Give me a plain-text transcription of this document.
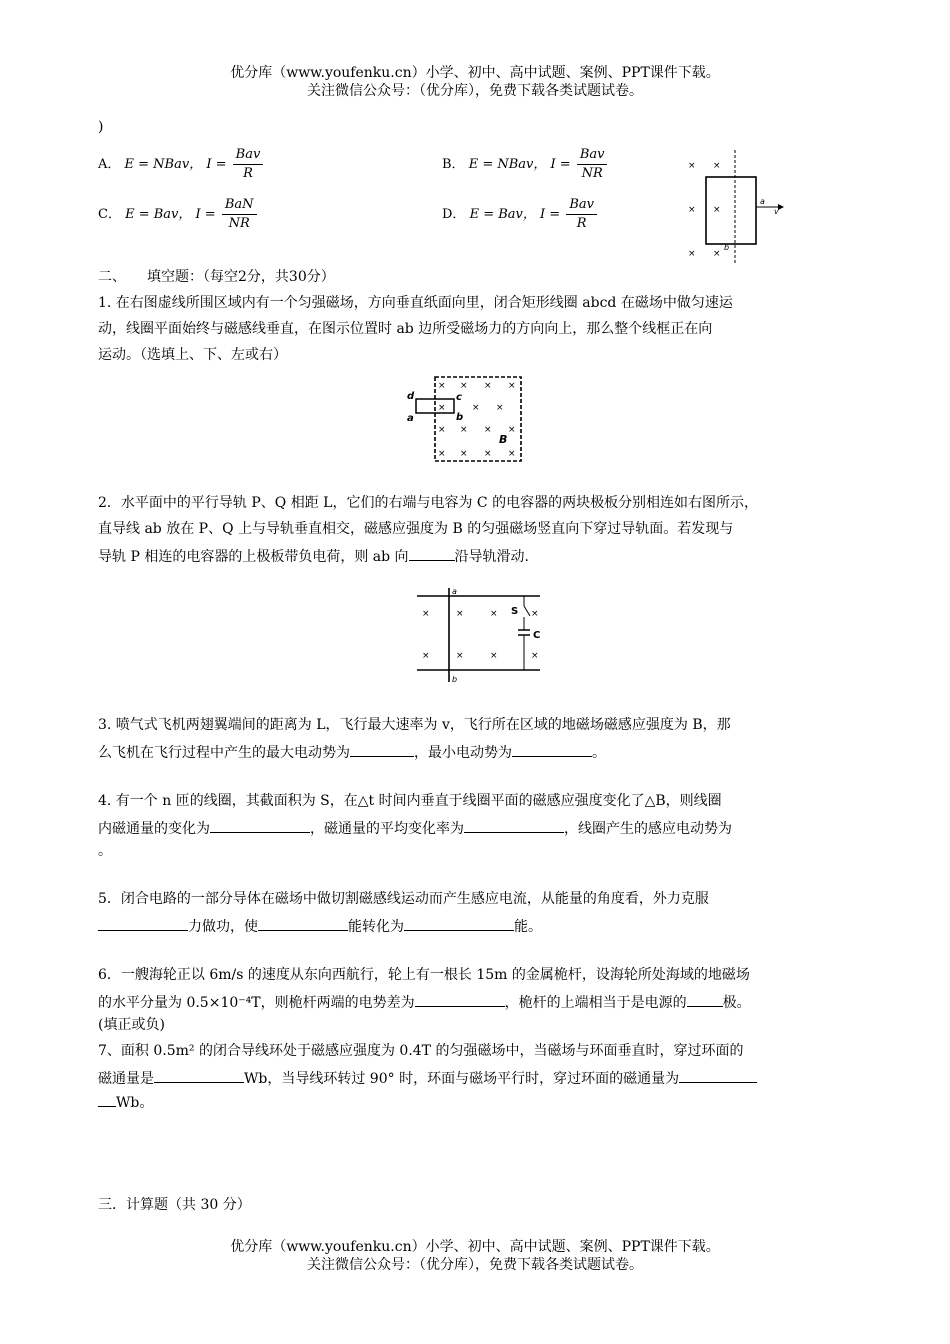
优分库（www.youfenku.cn）小学、初中、高中试题、案例、PPT课件下载。
关注微信公众号：（优分库），免费下载各类试题试卷。
)
A． E = NBav， $I = \frac{\text{Bav}}{R}$	B． E = NBav， $I = \frac{\text{Bav}}{NR}$
C． E = Bav， $I = \frac{\text{BaN}}{NR}$	D． E = Bav， $I = \frac{\text{Bav}}{R}$
× ×
× ×
× ×
a
v
b
二、　　填空题：（每空2分，共30分）
1. 在右图虚线所围区域内有一个匀强磁场，方向垂直纸面向里，闭合矩形线圈 abcd 在磁场中做匀速运
动，线圈平面始终与磁感线垂直，在图示位置时 ab 边所受磁场力的方向向上，那么整个线框正在向
运动。（选填上、下、左或右）
× × × ×
×	× ×
× × × ×
× × × ×
d
a
c
b
B
2．水平面中的平行导轨 P、Q 相距 L，它们的右端与电容为 C 的电容器的两块极板分别相连如右图所示，
直导线 ab 放在 P、Q 上与导轨垂直相交，磁感应强度为 B 的匀强磁场竖直向下穿过导轨面。若发现与
导轨 P 相连的电容器的上极板带负电荷，则 ab 向	沿导轨滑动.
a
b
S
C
×	×	×	×
×	×	×	×
3. 喷气式飞机两翅翼端间的距离为 L，飞行最大速率为 v，飞行所在区域的地磁场磁感应强度为 B，那
么飞机在飞行过程中产生的最大电动势为	，最小电动势为	。
4. 有一个 n 匝的线圈，其截面积为 S，在△t 时间内垂直于线圈平面的磁感应强度变化了△B，则线圈
内磁通量的变化为	，磁通量的平均变化率为	，线圈产生的感应电动势为
。
5．闭合电路的一部分导体在磁场中做切割磁感线运动而产生感应电流，从能量的角度看，外力克服
力做功，使	能转化为	能。
6．一艘海轮正以 6m/s 的速度从东向西航行，轮上有一根长 15m 的金属桅杆，设海轮所处海域的地磁场
的水平分量为 0.5×10⁻⁴T，则桅杆两端的电势差为	，桅杆的上端相当于是电源的	极。
(填正或负)
7、面积 0.5m² 的闭合导线环处于磁感应强度为 0.4T 的匀强磁场中，当磁场与环面垂直时，穿过环面的
磁通量是	Wb，当导线环转过 90° 时，环面与磁场平行时，穿过环面的磁通量为
Wb。
三．计算题（共 30 分）
优分库（www.youfenku.cn）小学、初中、高中试题、案例、PPT课件下载。
关注微信公众号：（优分库），免费下载各类试题试卷。
